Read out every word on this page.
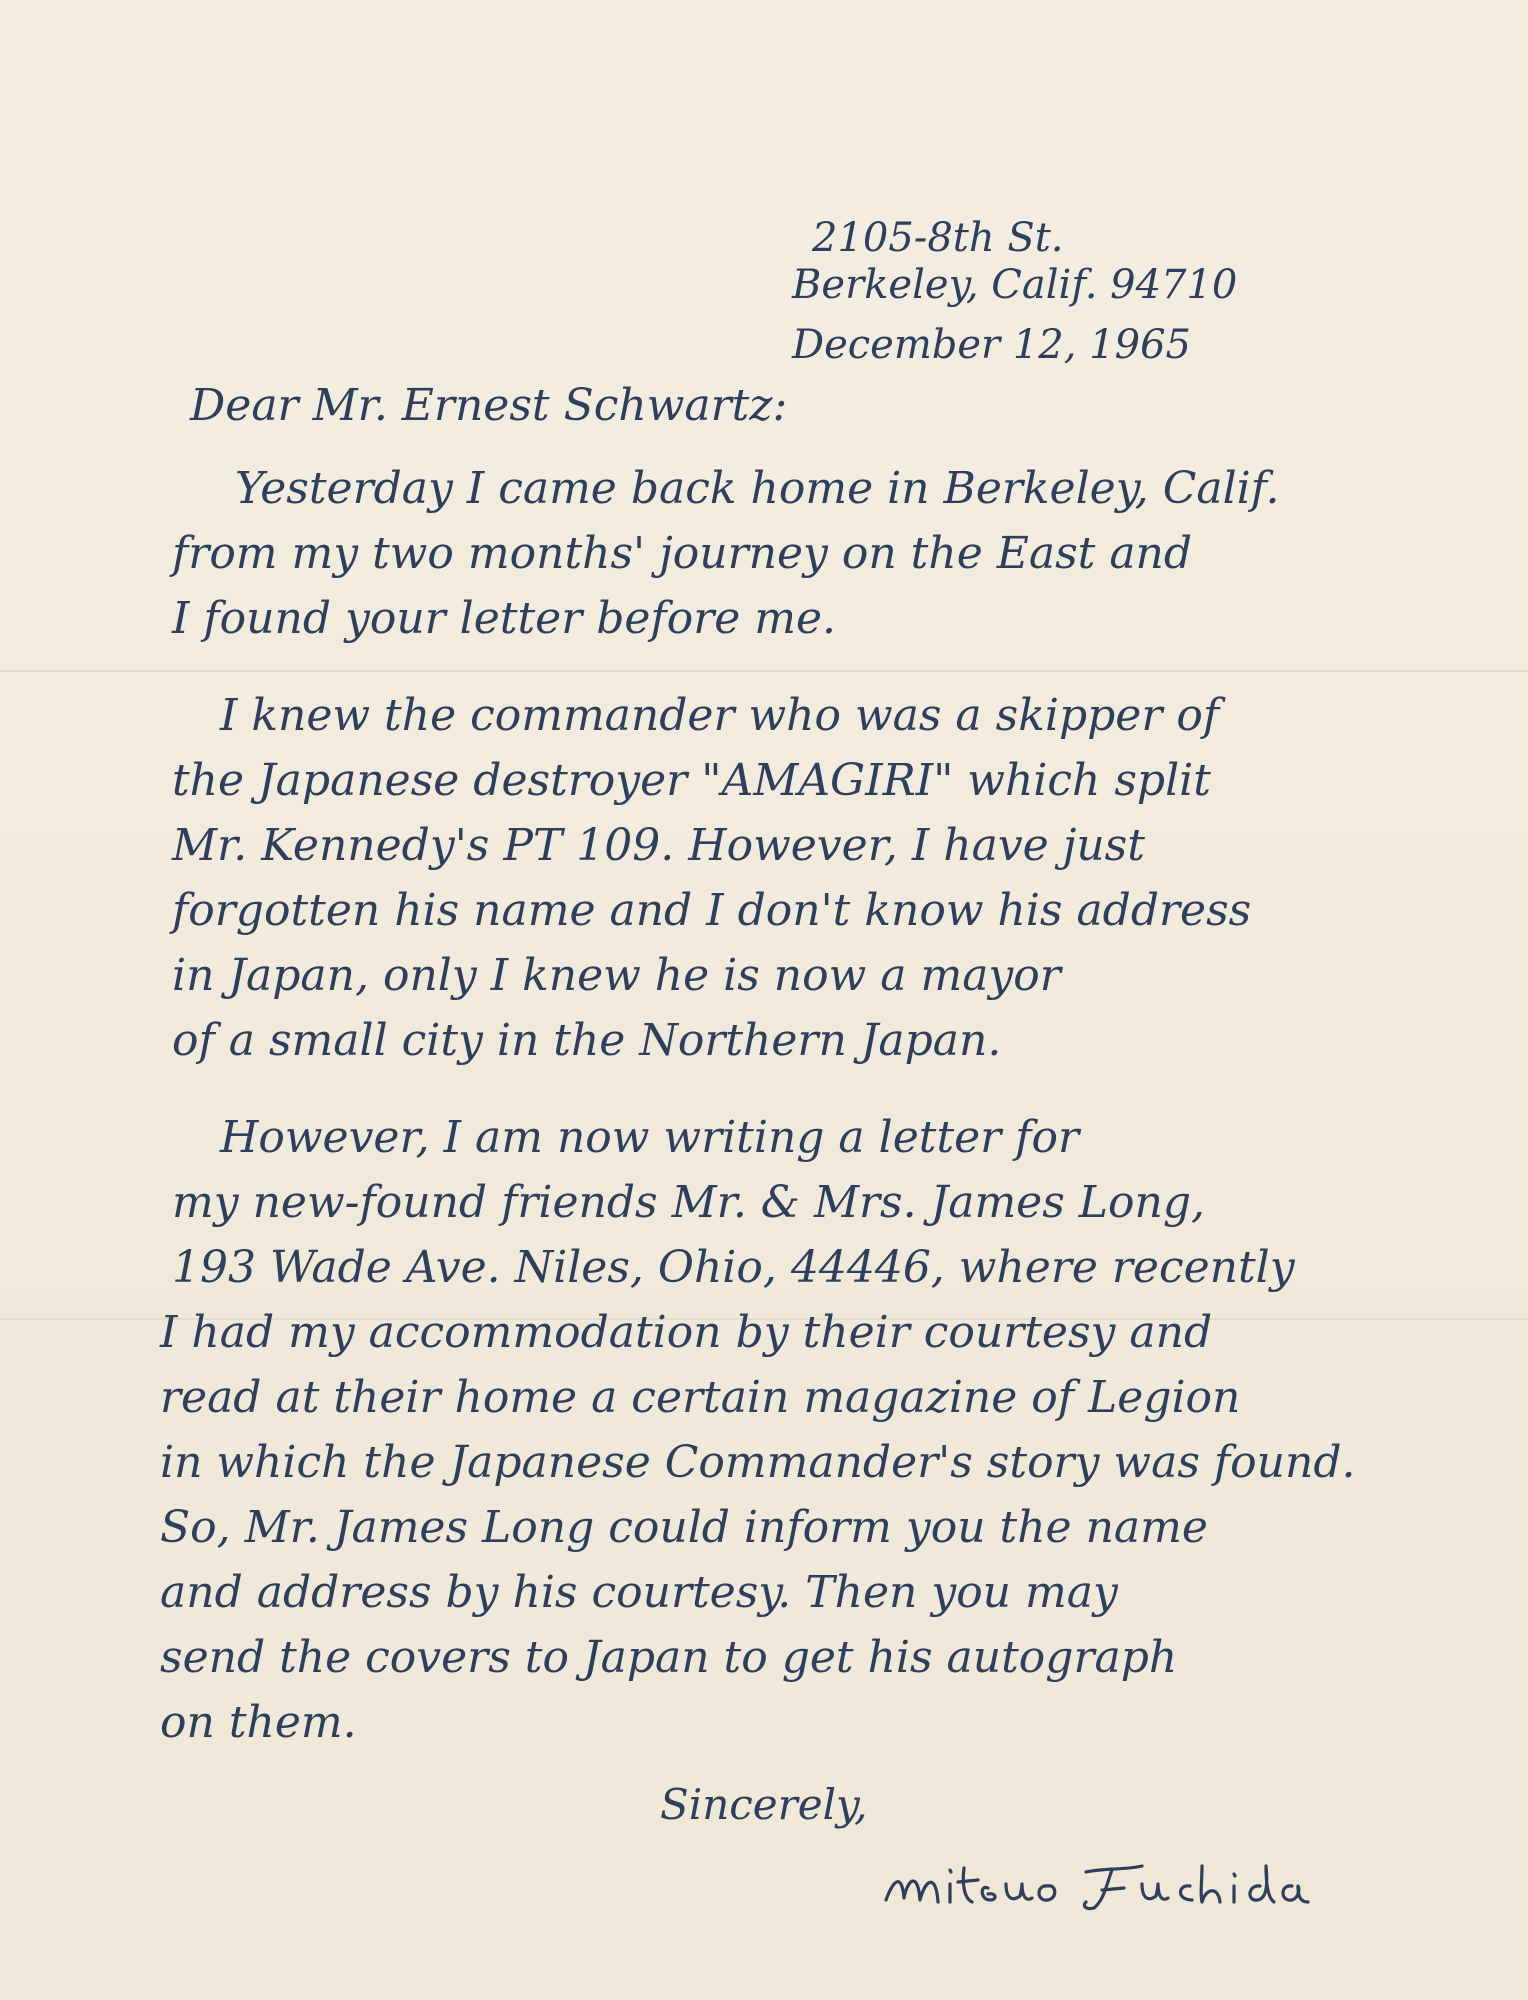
2105-8th St.
Berkeley, Calif. 94710
December 12, 1965
Dear Mr. Ernest Schwartz:
Yesterday I came back home in Berkeley, Calif.
from my two months' journey on the East and
I found your letter before me.
I knew the commander who was a skipper of
the Japanese destroyer "AMAGIRI" which split
Mr. Kennedy's PT 109. However, I have just
forgotten his name and I don't know his address
in Japan, only I knew he is now a mayor
of a small city in the Northern Japan.
However, I am now writing a letter for
my new-found friends Mr. & Mrs. James Long,
193 Wade Ave. Niles, Ohio, 44446, where recently
I had my accommodation by their courtesy and
read at their home a certain magazine of Legion
in which the Japanese Commander's story was found.
So, Mr. James Long could inform you the name
and address by his courtesy. Then you may
send the covers to Japan to get his autograph
on them.
Sincerely,
